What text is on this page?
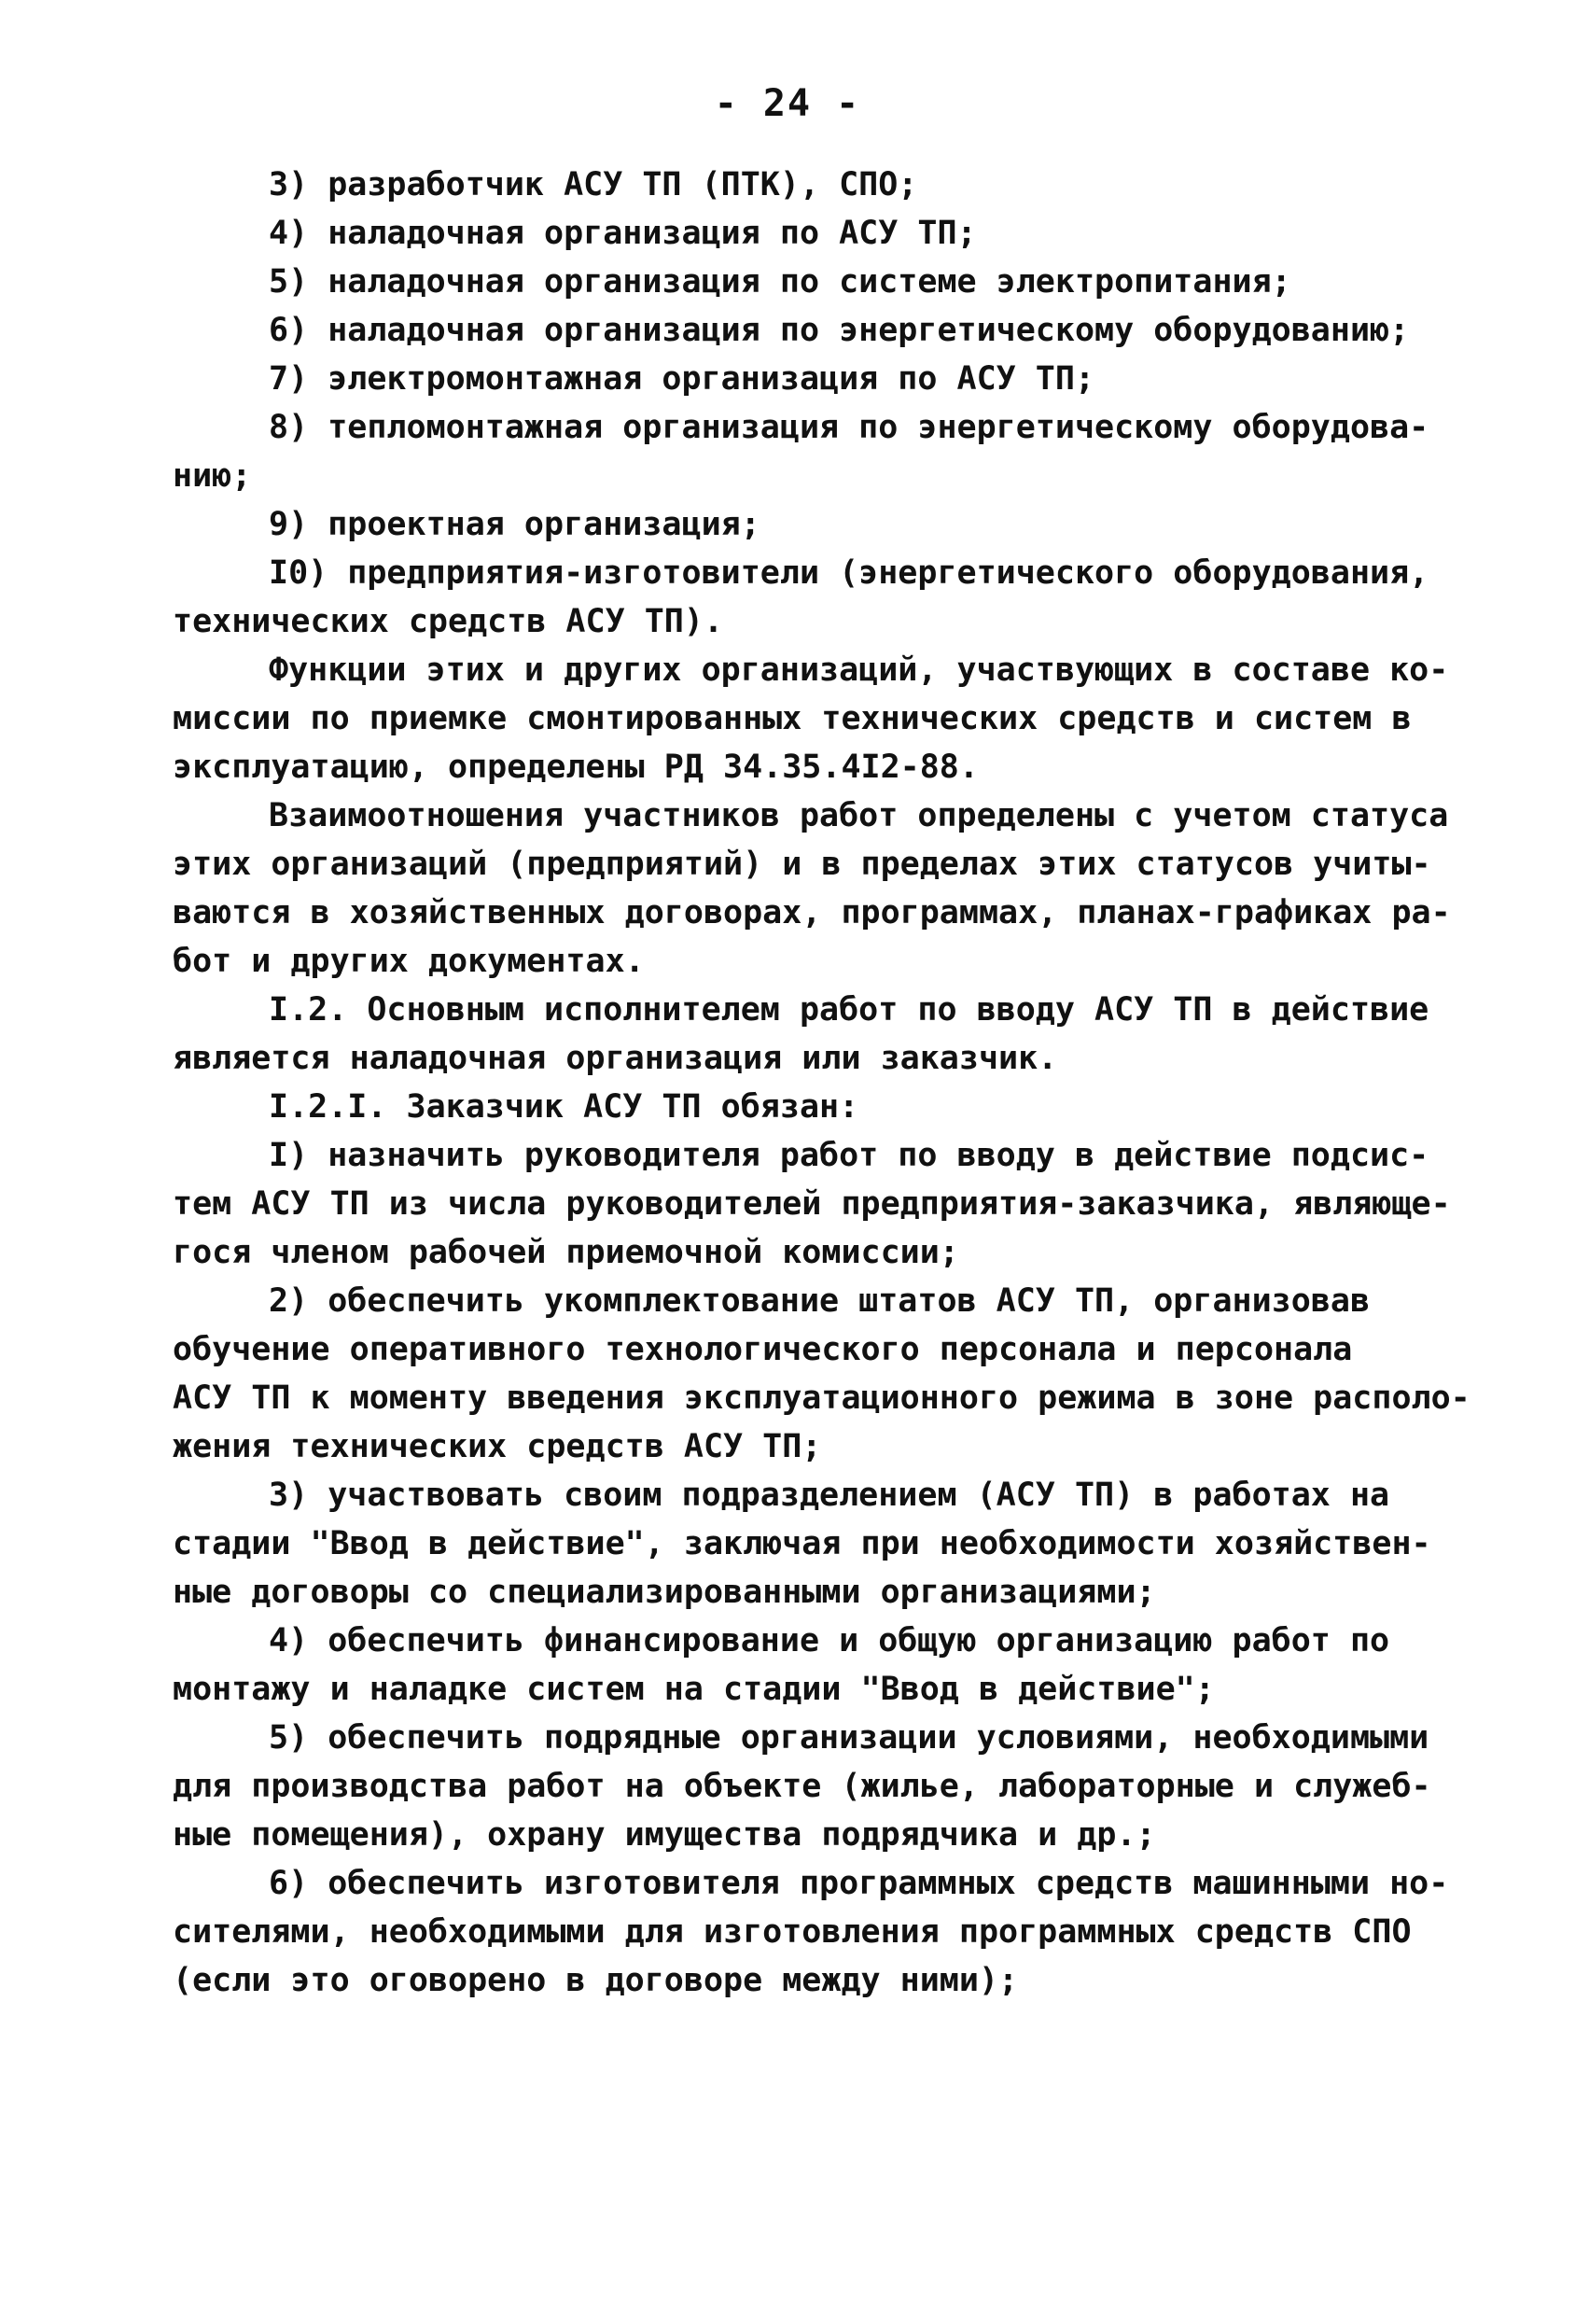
- 24 -
3) разработчик АСУ ТП (ПТК), СПО;
4) наладочная организация по АСУ ТП;
5) наладочная организация по системе электропитания;
6) наладочная организация по энергетическому оборудованию;
7) электромонтажная организация по АСУ ТП;
8) тепломонтажная организация по энергетическому оборудова-
нию;
9) проектная организация;
I0) предприятия-изготовители (энергетического оборудования,
технических средств АСУ ТП).
Функции этих и других организаций, участвующих в составе ко-
миссии по приемке смонтированных технических средств и систем в
эксплуатацию, определены РД 34.35.4I2-88.
Взаимоотношения участников работ определены с учетом статуса
этих организаций (предприятий) и в пределах этих статусов учиты-
ваются в хозяйственных договорах, программах, планах-графиках ра-
бот и других документах.
I.2. Основным исполнителем работ по вводу АСУ ТП в действие
является наладочная организация или заказчик.
I.2.I. Заказчик АСУ ТП обязан:
I) назначить руководителя работ по вводу в действие подсис-
тем АСУ ТП из числа руководителей предприятия-заказчика, являюще-
гося членом рабочей приемочной комиссии;
2) обеспечить укомплектование штатов АСУ ТП, организовав
обучение оперативного технологического персонала и персонала
АСУ ТП к моменту введения эксплуатационного режима в зоне располо-
жения технических средств АСУ ТП;
3) участвовать своим подразделением (АСУ ТП) в работах на
стадии "Ввод в действие", заключая при необходимости хозяйствен-
ные договоры со специализированными организациями;
4) обеспечить финансирование и общую организацию работ по
монтажу и наладке систем на стадии "Ввод в действие";
5) обеспечить подрядные организации условиями, необходимыми
для производства работ на объекте (жилье, лабораторные и служеб-
ные помещения), охрану имущества подрядчика и др.;
6) обеспечить изготовителя программных средств машинными но-
сителями, необходимыми для изготовления программных средств СПО
(если это оговорено в договоре между ними);
